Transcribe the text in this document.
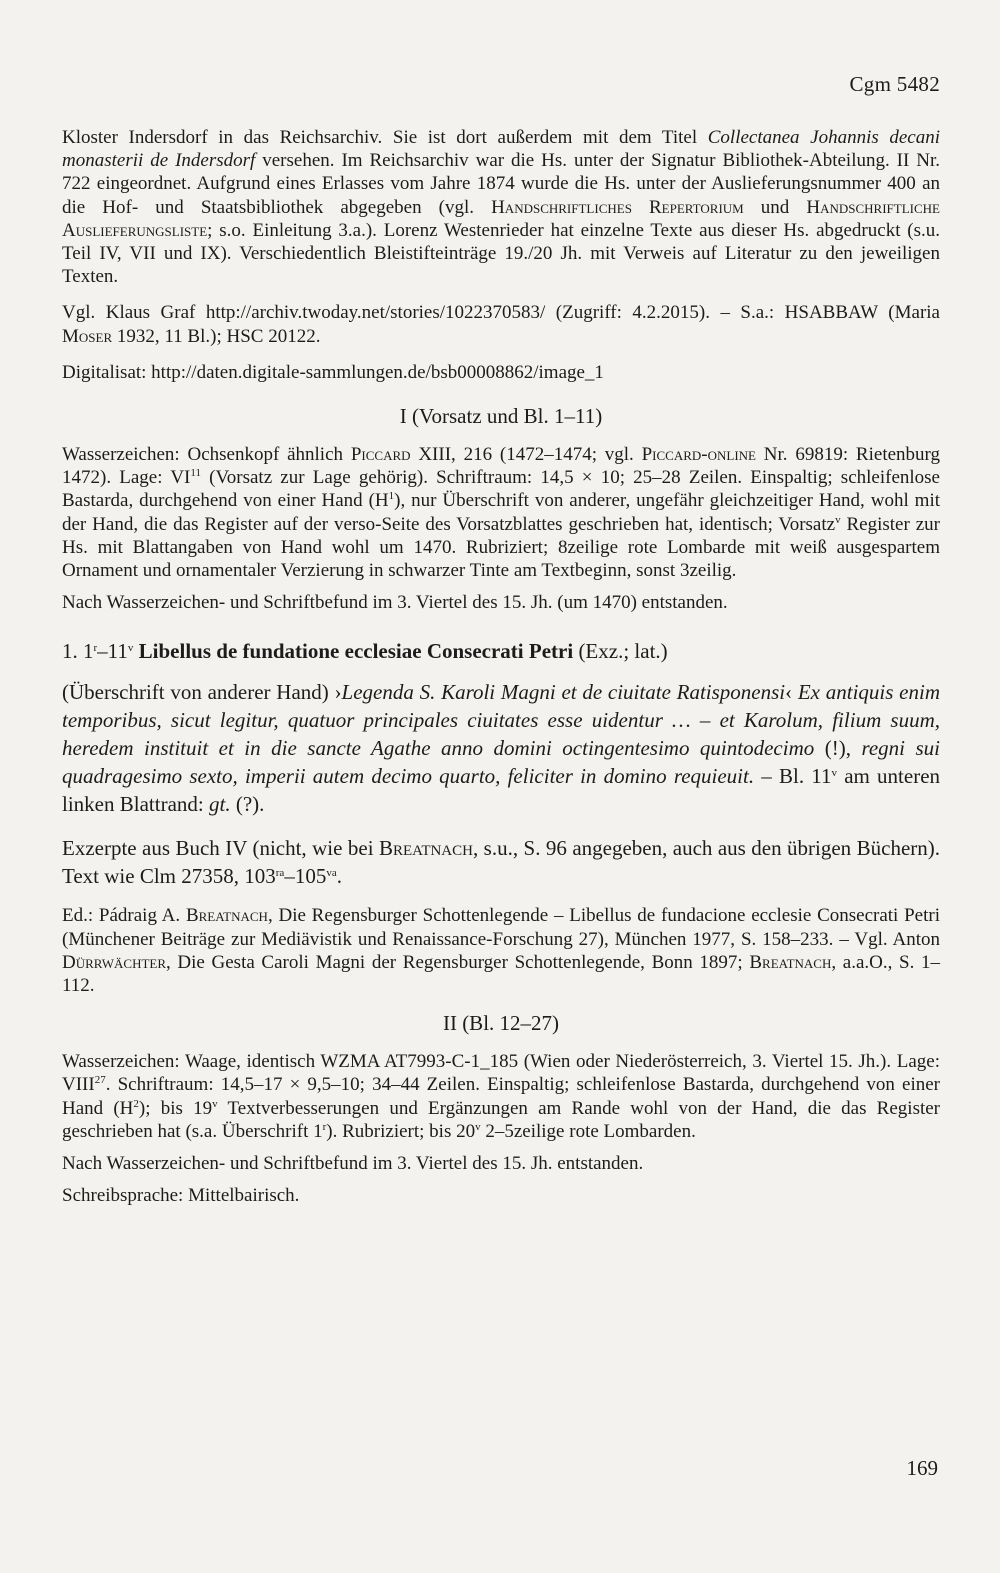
Cgm 5482

Kloster Indersdorf in das Reichsarchiv. Sie ist dort außerdem mit dem Titel Collectanea Johannis decani monasterii de Indersdorf versehen. Im Reichsarchiv war die Hs. unter der Signatur Bibliothek-Abteilung. II Nr. 722 eingeordnet. Aufgrund eines Erlasses vom Jahre 1874 wurde die Hs. unter der Auslieferungsnummer 400 an die Hof- und Staatsbibliothek abgegeben (vgl. Handschriftliches Repertorium und Handschriftliche Auslieferungsliste; s.o. Einleitung 3.a.). Lorenz Westenrieder hat einzelne Texte aus dieser Hs. abgedruckt (s.u. Teil IV, VII und IX). Verschiedentlich Bleistifteinträge 19./20 Jh. mit Verweis auf Literatur zu den jeweiligen Texten.

Vgl. Klaus Graf http://archiv.twoday.net/stories/1022370583/ (Zugriff: 4.2.2015). – S.a.: HSABBAW (Maria Moser 1932, 11 Bl.); HSC 20122.

Digitalisat: http://daten.digitale-sammlungen.de/bsb00008862/image_1

I (Vorsatz und Bl. 1–11)

Wasserzeichen: Ochsenkopf ähnlich Piccard XIII, 216 (1472–1474; vgl. Piccard-online Nr. 69819: Rietenburg 1472). Lage: VI$^{11}$ (Vorsatz zur Lage gehörig). Schriftraum: 14,5 × 10; 25–28 Zeilen. Einspaltig; schleifenlose Bastarda, durchgehend von einer Hand $(H^1)$, nur Überschrift von anderer, ungefähr gleichzeitiger Hand, wohl mit der Hand, die das Register auf der verso-Seite des Vorsatzblattes geschrieben hat, identisch; Vorsatz$^v$ Register zur Hs. mit Blattangaben von Hand wohl um 1470. Rubriziert; 8zeilige rote Lombarde mit weiß ausgespartem Ornament und ornamentaler Verzierung in schwarzer Tinte am Textbeginn, sonst 3zeilig.

Nach Wasserzeichen- und Schriftbefund im 3. Viertel des 15. Jh. (um 1470) entstanden.

1. 1$^r$–11$^v$ Libellus de fundatione ecclesiae Consecrati Petri (Exz.; lat.)

(Überschrift von anderer Hand) ›Legenda S. Karoli Magni et de ciuitate Ratisponensi‹ Ex antiquis enim temporibus, sicut legitur, quatuor principales ciuitates esse uidentur … – et Karolum, filium suum, heredem instituit et in die sancte Agathe anno domini octingentesimo quintodecimo (!), regni sui quadragesimo sexto, imperii autem decimo quarto, feliciter in domino requieuit. – Bl. 11$^v$ am unteren linken Blattrand: gt. (?).

Exzerpte aus Buch IV (nicht, wie bei Breatnach, s.u., S. 96 angegeben, auch aus den übrigen Büchern). Text wie Clm 27358, $103^{ra}-105^{va}$.

Ed.: Pádraig A. Breatnach, Die Regensburger Schottenlegende – Libellus de fundacione ecclesie Consecrati Petri (Münchener Beiträge zur Mediävistik und Renaissance-Forschung 27), München 1977, S. 158–233. – Vgl. Anton Dürrwächter, Die Gesta Caroli Magni der Regensburger Schottenlegende, Bonn 1897; Breatnach, a.a.O., S. 1–112.

II (Bl. 12–27)

Wasserzeichen: Waage, identisch WZMA AT7993-C-1_185 (Wien oder Niederösterreich, 3. Viertel 15. Jh.). Lage: VIII$^{27}$. Schriftraum: 14,5–17 × 9,5–10; 34–44 Zeilen. Einspaltig; schleifenlose Bastarda, durchgehend von einer Hand $(H^2)$; bis 19$^v$ Textverbesserungen und Ergänzungen am Rande wohl von der Hand, die das Register geschrieben hat (s.a. Überschrift 1$^r$). Rubriziert; bis 20$^v$ 2–5zeilige rote Lombarden.

Nach Wasserzeichen- und Schriftbefund im 3. Viertel des 15. Jh. entstanden.

Schreibsprache: Mittelbairisch.

169
